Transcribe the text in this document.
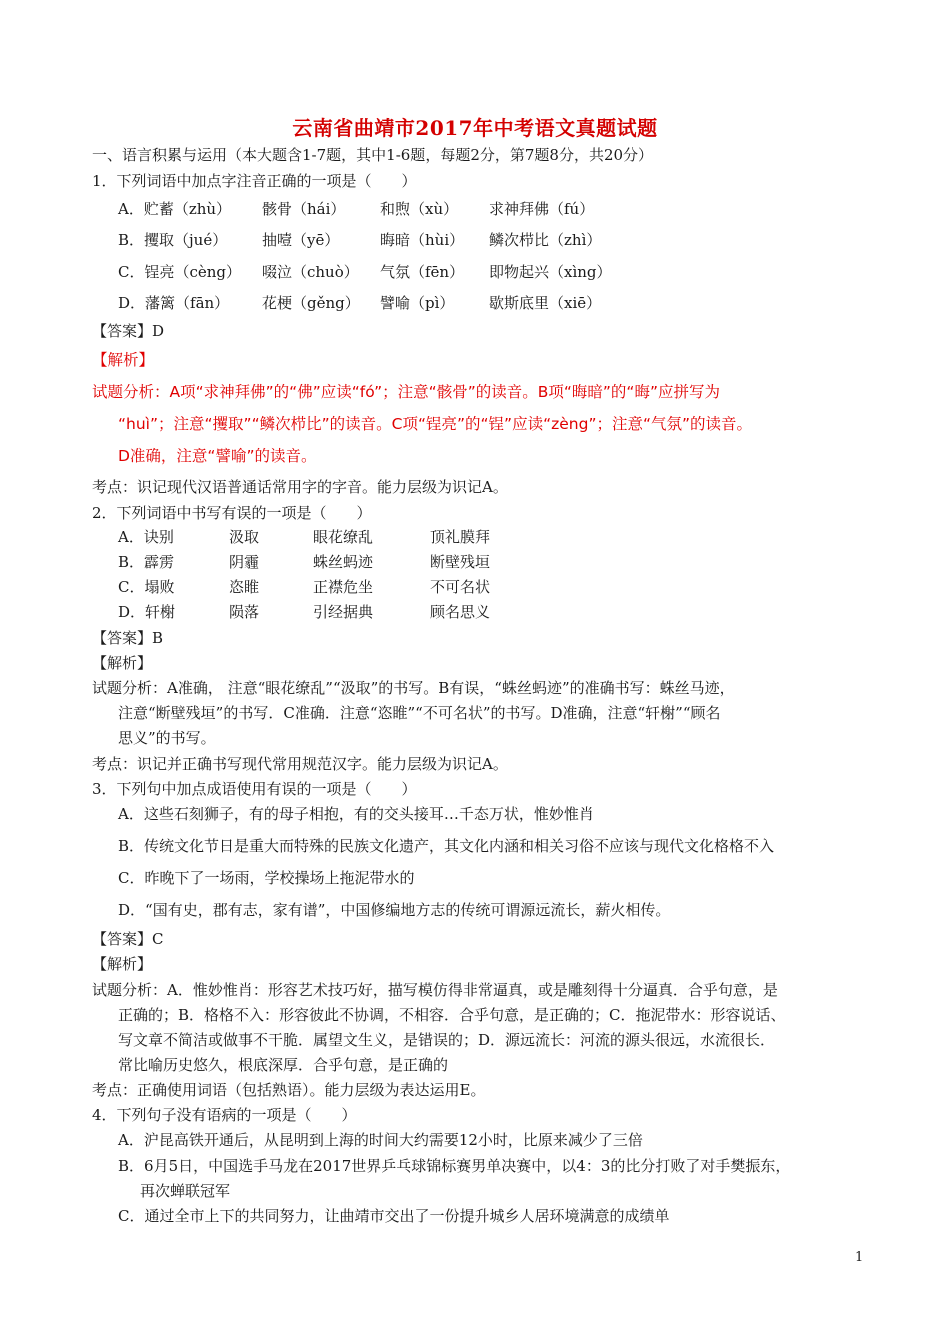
云南省曲靖市2017年中考语文真题试题
一、语言积累与运用（本大题含1-7题，其中1-6题，每题2分，第7题8分，共20分）
1．下列词语中加点字注音正确的一项是（　　）
A．贮蓄（zhù） 骸骨（hái） 和煦（xù） 求神拜佛（fú）
B．攫取（jué） 抽噎（yē）	晦暗（hùi） 鳞次栉比（zhì）
C．锃亮（cèng） 啜泣（chuò） 气氛（fēn） 即物起兴（xìng）
D．藩篱（fān） 花梗（gěng） 譬喻（pì） 歇斯底里（xiē）
【答案】D
【解析】
试题分析：A项“求神拜佛”的“佛”应读“fó”；注意“骸骨”的读音。B项“晦暗”的“晦”应拼写为
“huì”；注意“攫取”“鳞次栉比”的读音。C项“锃亮”的“锃”应读“zèng”；注意“气氛”的读音。
D准确，注意“譬喻”的读音。
考点：识记现代汉语普通话常用字的字音。能力层级为识记A。
2．下列词语中书写有误的一项是（　　）
A．诀别	汲取	眼花缭乱	顶礼膜拜
B．霹雳	阴霾	蛛丝蚂迹	断壁残垣
C．塌败	恣睢	正襟危坐	不可名状
D．轩榭	陨落	引经据典	顾名思义
【答案】B
【解析】
试题分析：A准确， 注意“眼花缭乱”“汲取”的书写。B有误，“蛛丝蚂迹”的准确书写：蛛丝马迹，
注意“断壁残垣”的书写．C准确．注意“恣睢”“不可名状”的书写。D准确，注意“轩榭”“顾名
思义”的书写。
考点：识记并正确书写现代常用规范汉字。能力层级为识记A。
3．下列句中加点成语使用有误的一项是（　　）
A．这些石刻狮子，有的母子相抱，有的交头接耳…千态万状，惟妙惟肖
B．传统文化节日是重大而特殊的民族文化遗产，其文化内涵和相关习俗不应该与现代文化格格不入
C．昨晚下了一场雨，学校操场上拖泥带水的
D．“国有史，郡有志，家有谱”，中国修编地方志的传统可谓源远流长，薪火相传。
【答案】C
【解析】
试题分析：A．惟妙惟肖：形容艺术技巧好，描写模仿得非常逼真，或是雕刻得十分逼真．合乎句意，是
正确的；B．格格不入：形容彼此不协调，不相容．合乎句意，是正确的；C．拖泥带水：形容说话、
写文章不简洁或做事不干脆．属望文生义，是错误的；D．源远流长：河流的源头很远，水流很长．
常比喻历史悠久，根底深厚．合乎句意，是正确的
考点：正确使用词语（包括熟语）。能力层级为表达运用E。
4．下列句子没有语病的一项是（　　）
A．沪昆高铁开通后，从昆明到上海的时间大约需要12小时，比原来减少了三倍
B．6月5日，中国选手马龙在2017世界乒乓球锦标赛男单决赛中，以4：3的比分打败了对手樊振东，
再次蝉联冠军
C．通过全市上下的共同努力，让曲靖市交出了一份提升城乡人居环境满意的成绩单
1
